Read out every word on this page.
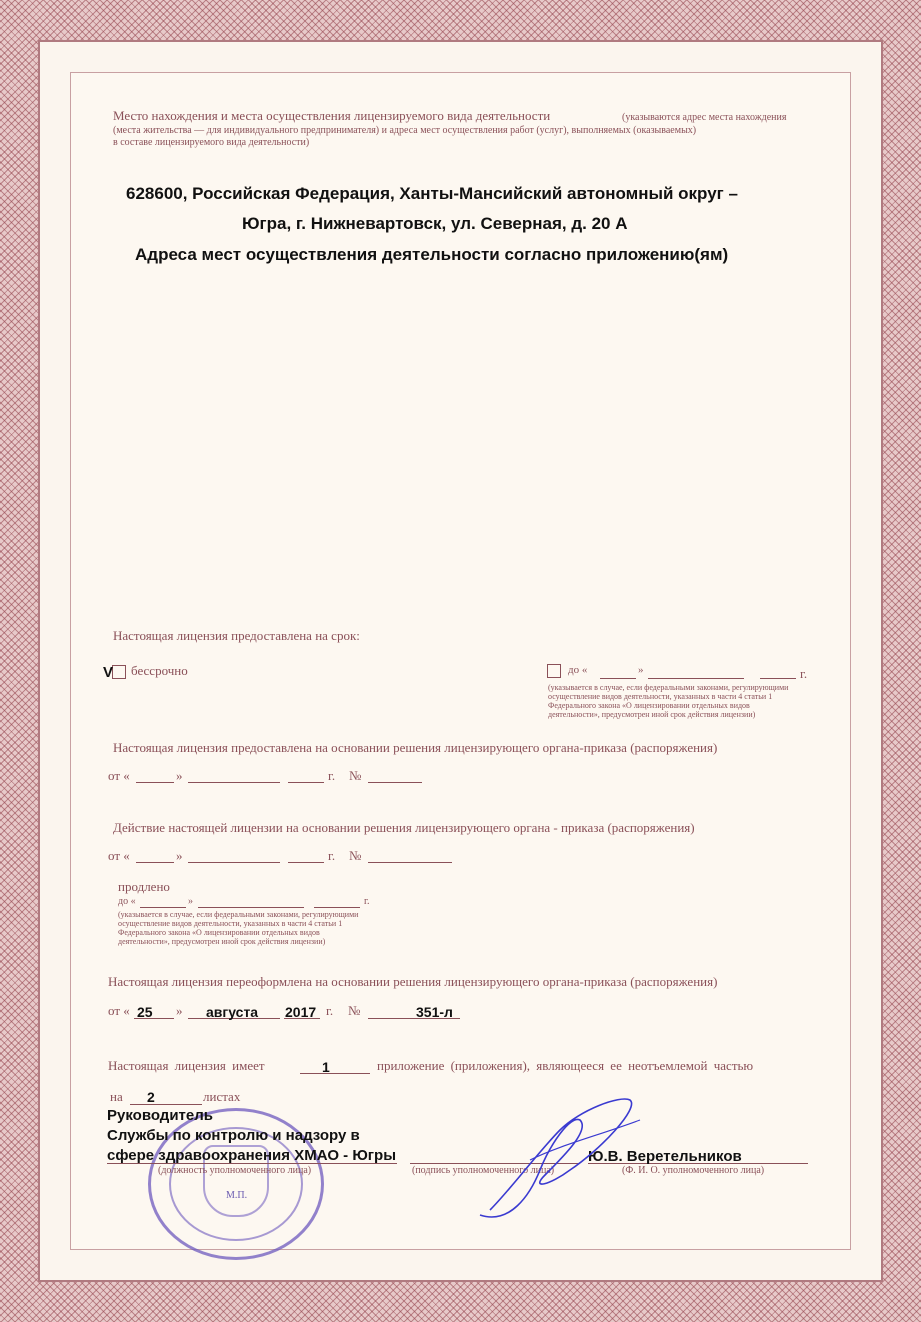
Место нахождения и места осуществления лицензируемого вида деятельности	(указываются адрес места нахождения
(места жительства — для индивидуального предпринимателя) и адреса мест осуществления работ (услуг), выполняемых (оказываемых)
в составе лицензируемого вида деятельности)
628600, Российская Федерация, Ханты-Мансийский автономный округ –
Югра, г. Нижневартовск, ул. Северная, д. 20 А
Адреса мест осуществления деятельности согласно приложению(ям)
Настоящая лицензия предоставлена на срок:
V бессрочно	до «	»	г.
(указывается в случае, если федеральными законами, регулирующими
осуществление видов деятельности, указанных в части 4 статьи 1
Федерального закона «О лицензировании отдельных видов
деятельности», предусмотрен иной срок действия лицензии)
Настоящая лицензия предоставлена на основании решения лицензирующего органа-приказа (распоряжения)
от «	»	г. №
Действие настоящей лицензии на основании решения лицензирующего органа - приказа (распоряжения)
от «	»	г. №
продлено
до «	»	г.
(указывается в случае, если федеральными законами, регулирующими
осуществление видов деятельности, указанных в части 4 статьи 1
Федерального закона «О лицензировании отдельных видов
деятельности», предусмотрен иной срок действия лицензии)
Настоящая лицензия переоформлена на основании решения лицензирующего органа-приказа (распоряжения)
от « 25 » августа 2017 г. №	351-л
Настоящая лицензия имеет	1	приложение (приложения), являющееся ее неотъемлемой частью
на 2	листах
Руководитель
Службы по контролю и надзору в
сфере здравоохранения ХМАО - Югры	Ю.В. Веретельников
(должность уполномоченного лица)	(подпись уполномоченного лица)	(Ф. И. О. уполномоченного лица)
М.П.
